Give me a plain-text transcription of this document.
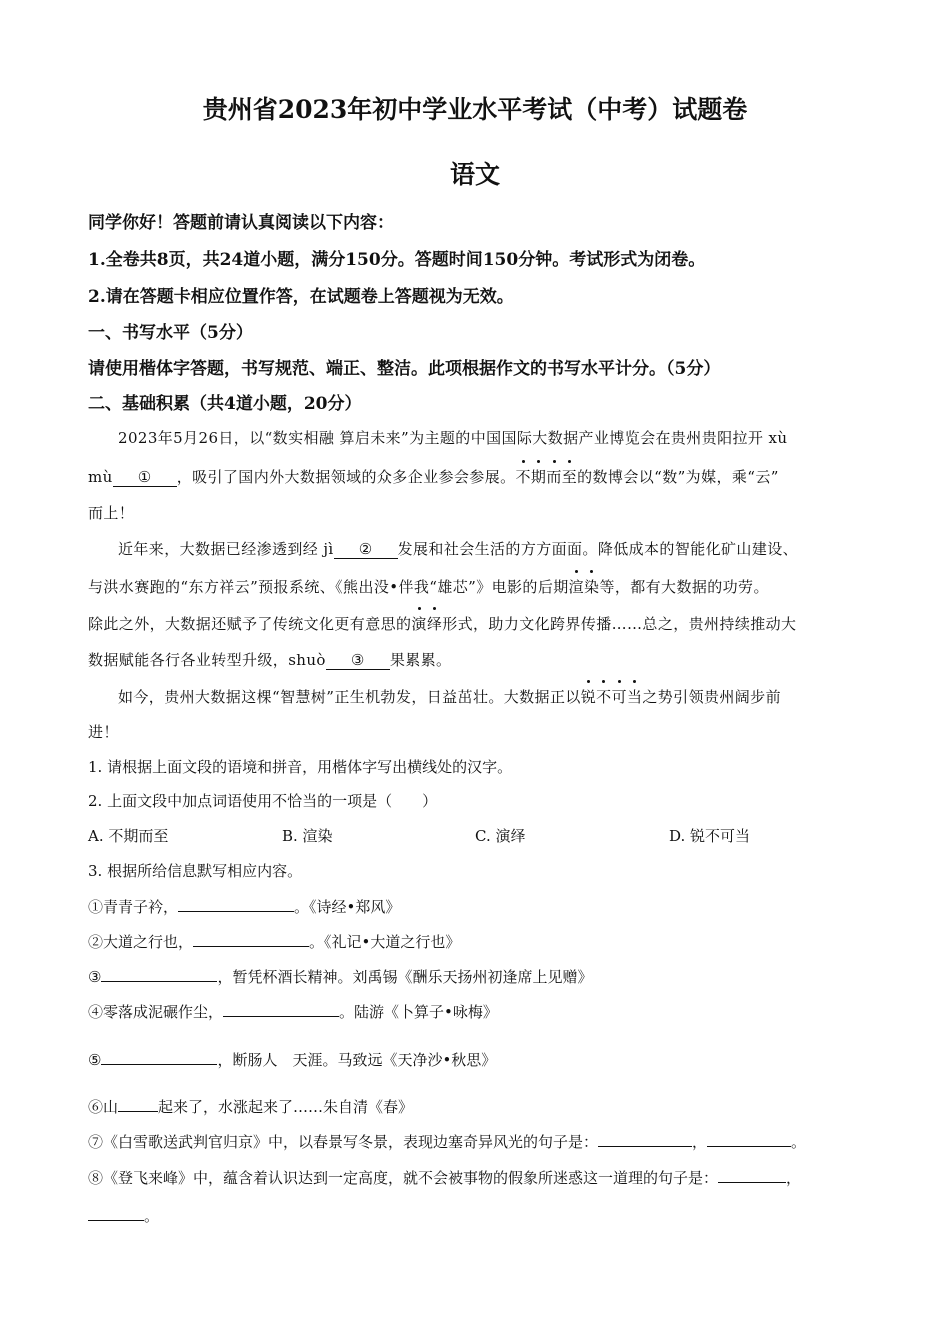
贵州省2023年初中学业水平考试（中考）试题卷
语文
同学你好！答题前请认真阅读以下内容：
1.全卷共8页，共24道小题，满分150分。答题时间150分钟。考试形式为闭卷。
2.请在答题卡相应位置作答，在试题卷上答题视为无效。
一、书写水平（5分）
请使用楷体字答题，书写规范、端正、整洁。此项根据作文的书写水平计分。（5分）
二、基础积累（共4道小题，20分）
2023年5月26日，以“数实相融 算启未来”为主题的中国国际大数据产业博览会在贵州贵阳拉开 xù
mù ① ，吸引了国内外大数据领域的众多企业参会参展。不期而至的数博会以“数”为媒，乘“云”
而上！
近年来，大数据已经渗透到经 jì ② 发展和社会生活的方方面面。降低成本的智能化矿山建设、
与洪水赛跑的“东方祥云”预报系统、《熊出没•伴我“雄芯”》电影的后期渲染等，都有大数据的功劳。
除此之外，大数据还赋予了传统文化更有意思的演绎形式，助力文化跨界传播……总之，贵州持续推动大
数据赋能各行各业转型升级，shuò ③ 果累累。
如今，贵州大数据这棵“智慧树”正生机勃发，日益茁壮。大数据正以锐不可当之势引领贵州阔步前
进！
1. 请根据上面文段的语境和拼音，用楷体字写出横线处的汉字。
2. 上面文段中加点词语使用不恰当的一项是（　　）
A. 不期而至	B. 渲染	C. 演绎	D. 锐不可当
3. 根据所给信息默写相应内容。
①青青子衿，	。《诗经•郑风》
②大道之行也，	。《礼记•大道之行也》
③	，暂凭杯酒长精神。刘禹锡《酬乐天扬州初逢席上见赠》
④零落成泥碾作尘，	。陆游《卜算子•咏梅》
⑤	，断肠人　天涯。马致远《天净沙•秋思》
⑥山	起来了，水涨起来了……朱自清《春》
⑦《白雪歌送武判官归京》中，以春景写冬景，表现边塞奇异风光的句子是：	，	。
⑧《登飞来峰》中，蕴含着认识达到一定高度，就不会被事物的假象所迷惑这一道理的句子是：	，
。
